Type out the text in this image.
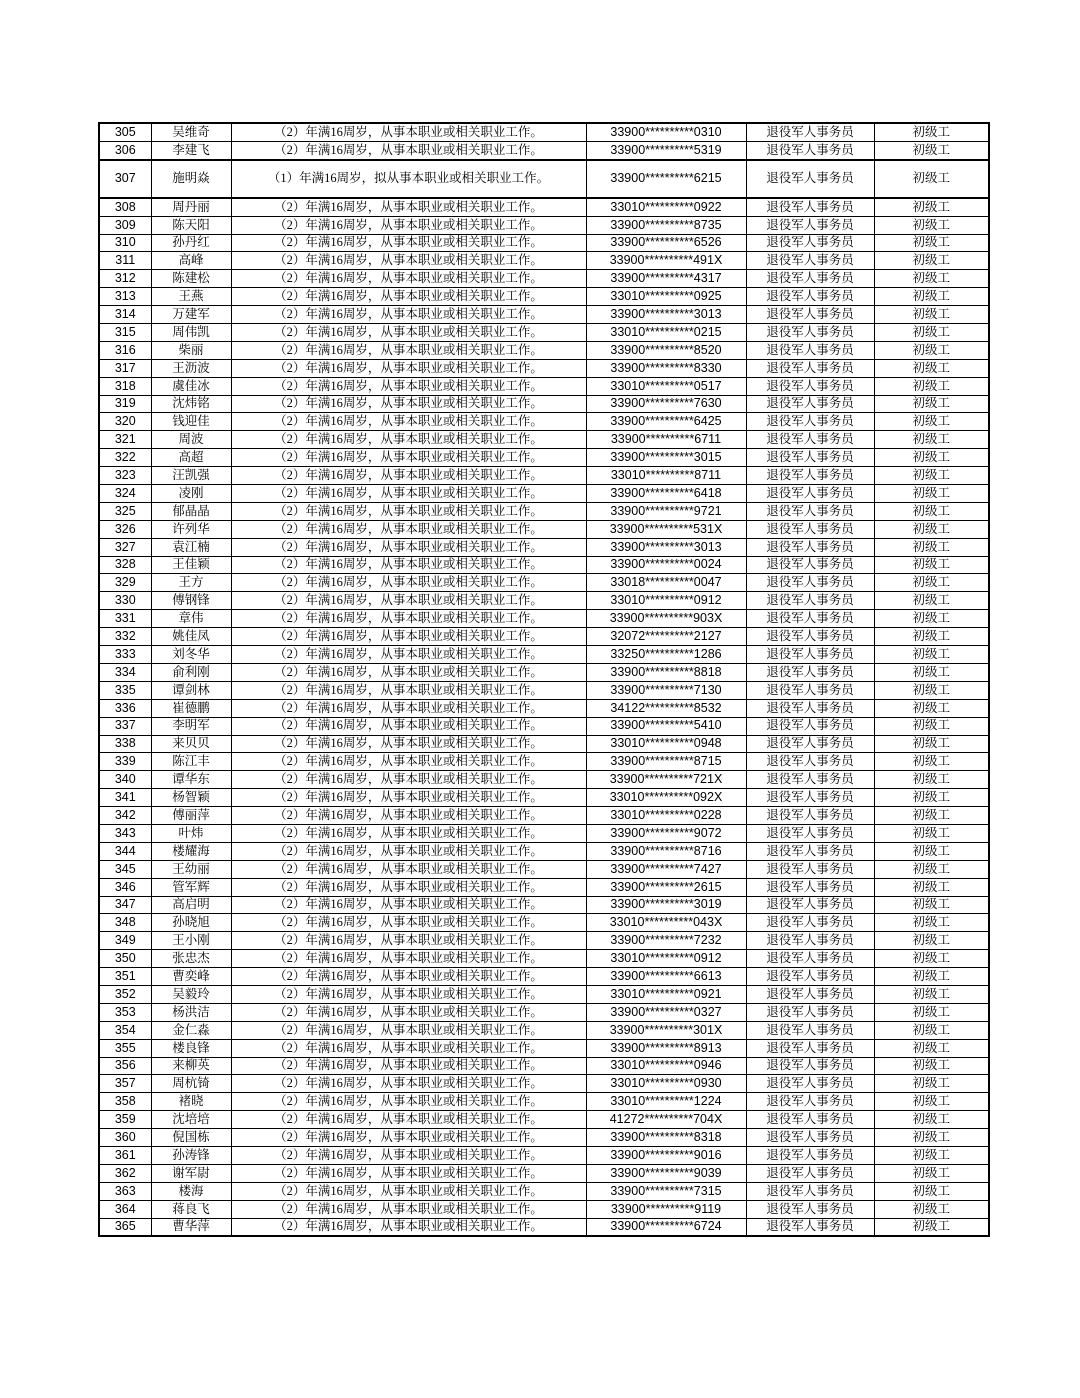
305	吴维奇	（2）年满16周岁，从事本职业或相关职业工作。	33900**********0310	退役军人事务员	初级工
306	李建飞	（2）年满16周岁，从事本职业或相关职业工作。	33900**********5319	退役军人事务员	初级工
307	施明焱	（1）年满16周岁，拟从事本职业或相关职业工作。	33900**********6215	退役军人事务员	初级工
308	周丹丽	（2）年满16周岁，从事本职业或相关职业工作。	33010**********0922	退役军人事务员	初级工
309	陈天阳	（2）年满16周岁，从事本职业或相关职业工作。	33900**********8735	退役军人事务员	初级工
310	孙丹红	（2）年满16周岁，从事本职业或相关职业工作。	33900**********6526	退役军人事务员	初级工
311	高峰	（2）年满16周岁，从事本职业或相关职业工作。	33900**********491X	退役军人事务员	初级工
312	陈建松	（2）年满16周岁，从事本职业或相关职业工作。	33900**********4317	退役军人事务员	初级工
313	王燕	（2）年满16周岁，从事本职业或相关职业工作。	33010**********0925	退役军人事务员	初级工
314	万建军	（2）年满16周岁，从事本职业或相关职业工作。	33900**********3013	退役军人事务员	初级工
315	周伟凯	（2）年满16周岁，从事本职业或相关职业工作。	33010**********0215	退役军人事务员	初级工
316	柴丽	（2）年满16周岁，从事本职业或相关职业工作。	33900**********8520	退役军人事务员	初级工
317	王沥波	（2）年满16周岁，从事本职业或相关职业工作。	33900**********8330	退役军人事务员	初级工
318	虞佳冰	（2）年满16周岁，从事本职业或相关职业工作。	33010**********0517	退役军人事务员	初级工
319	沈炜铭	（2）年满16周岁，从事本职业或相关职业工作。	33900**********7630	退役军人事务员	初级工
320	钱迎佳	（2）年满16周岁，从事本职业或相关职业工作。	33900**********6425	退役军人事务员	初级工
321	周波	（2）年满16周岁，从事本职业或相关职业工作。	33900**********6711	退役军人事务员	初级工
322	高超	（2）年满16周岁，从事本职业或相关职业工作。	33900**********3015	退役军人事务员	初级工
323	汪凯强	（2）年满16周岁，从事本职业或相关职业工作。	33010**********8711	退役军人事务员	初级工
324	凌刚	（2）年满16周岁，从事本职业或相关职业工作。	33900**********6418	退役军人事务员	初级工
325	郁晶晶	（2）年满16周岁，从事本职业或相关职业工作。	33900**********9721	退役军人事务员	初级工
326	许列华	（2）年满16周岁，从事本职业或相关职业工作。	33900**********531X	退役军人事务员	初级工
327	袁江楠	（2）年满16周岁，从事本职业或相关职业工作。	33900**********3013	退役军人事务员	初级工
328	王佳颖	（2）年满16周岁，从事本职业或相关职业工作。	33900**********0024	退役军人事务员	初级工
329	王方	（2）年满16周岁，从事本职业或相关职业工作。	33018**********0047	退役军人事务员	初级工
330	傅钢锋	（2）年满16周岁，从事本职业或相关职业工作。	33010**********0912	退役军人事务员	初级工
331	章伟	（2）年满16周岁，从事本职业或相关职业工作。	33900**********903X	退役军人事务员	初级工
332	姚佳凤	（2）年满16周岁，从事本职业或相关职业工作。	32072**********2127	退役军人事务员	初级工
333	刘冬华	（2）年满16周岁，从事本职业或相关职业工作。	33250**********1286	退役军人事务员	初级工
334	俞利刚	（2）年满16周岁，从事本职业或相关职业工作。	33900**********8818	退役军人事务员	初级工
335	谭剑林	（2）年满16周岁，从事本职业或相关职业工作。	33900**********7130	退役军人事务员	初级工
336	崔德鹏	（2）年满16周岁，从事本职业或相关职业工作。	34122**********8532	退役军人事务员	初级工
337	李明军	（2）年满16周岁，从事本职业或相关职业工作。	33900**********5410	退役军人事务员	初级工
338	来贝贝	（2）年满16周岁，从事本职业或相关职业工作。	33010**********0948	退役军人事务员	初级工
339	陈江丰	（2）年满16周岁，从事本职业或相关职业工作。	33900**********8715	退役军人事务员	初级工
340	谭华东	（2）年满16周岁，从事本职业或相关职业工作。	33900**********721X	退役军人事务员	初级工
341	杨智颖	（2）年满16周岁，从事本职业或相关职业工作。	33010**********092X	退役军人事务员	初级工
342	傅丽萍	（2）年满16周岁，从事本职业或相关职业工作。	33010**********0228	退役军人事务员	初级工
343	叶炜	（2）年满16周岁，从事本职业或相关职业工作。	33900**********9072	退役军人事务员	初级工
344	楼耀海	（2）年满16周岁，从事本职业或相关职业工作。	33900**********8716	退役军人事务员	初级工
345	王幼丽	（2）年满16周岁，从事本职业或相关职业工作。	33900**********7427	退役军人事务员	初级工
346	管军辉	（2）年满16周岁，从事本职业或相关职业工作。	33900**********2615	退役军人事务员	初级工
347	高启明	（2）年满16周岁，从事本职业或相关职业工作。	33900**********3019	退役军人事务员	初级工
348	孙晓旭	（2）年满16周岁，从事本职业或相关职业工作。	33010**********043X	退役军人事务员	初级工
349	王小刚	（2）年满16周岁，从事本职业或相关职业工作。	33900**********7232	退役军人事务员	初级工
350	张忠杰	（2）年满16周岁，从事本职业或相关职业工作。	33010**********0912	退役军人事务员	初级工
351	曹奕峰	（2）年满16周岁，从事本职业或相关职业工作。	33900**********6613	退役军人事务员	初级工
352	吴毅玲	（2）年满16周岁，从事本职业或相关职业工作。	33010**********0921	退役军人事务员	初级工
353	杨洪洁	（2）年满16周岁，从事本职业或相关职业工作。	33900**********0327	退役军人事务员	初级工
354	金仁淼	（2）年满16周岁，从事本职业或相关职业工作。	33900**********301X	退役军人事务员	初级工
355	楼良锋	（2）年满16周岁，从事本职业或相关职业工作。	33900**********8913	退役军人事务员	初级工
356	来柳英	（2）年满16周岁，从事本职业或相关职业工作。	33010**********0946	退役军人事务员	初级工
357	周杭锜	（2）年满16周岁，从事本职业或相关职业工作。	33010**********0930	退役军人事务员	初级工
358	褚晓	（2）年满16周岁，从事本职业或相关职业工作。	33010**********1224	退役军人事务员	初级工
359	沈培培	（2）年满16周岁，从事本职业或相关职业工作。	41272**********704X	退役军人事务员	初级工
360	倪国栋	（2）年满16周岁，从事本职业或相关职业工作。	33900**********8318	退役军人事务员	初级工
361	孙涛锋	（2）年满16周岁，从事本职业或相关职业工作。	33900**********9016	退役军人事务员	初级工
362	谢军尉	（2）年满16周岁，从事本职业或相关职业工作。	33900**********9039	退役军人事务员	初级工
363	楼海	（2）年满16周岁，从事本职业或相关职业工作。	33900**********7315	退役军人事务员	初级工
364	蒋良飞	（2）年满16周岁，从事本职业或相关职业工作。	33900**********9119	退役军人事务员	初级工
365	曹华萍	（2）年满16周岁，从事本职业或相关职业工作。	33900**********6724	退役军人事务员	初级工
